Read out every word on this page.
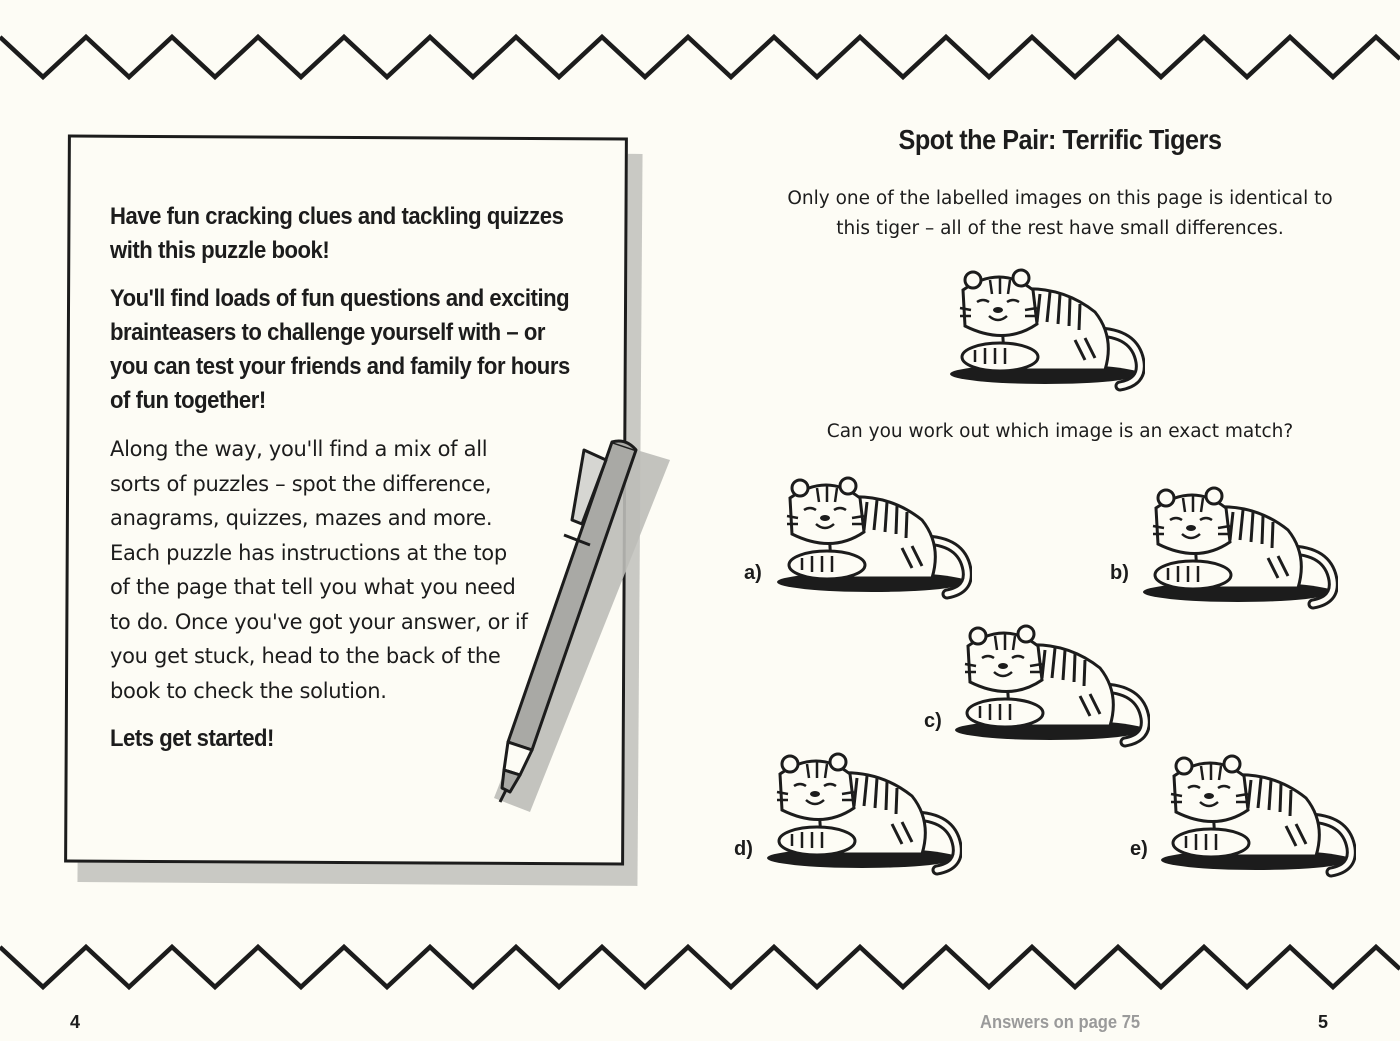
Have fun cracking clues and tackling quizzes with this puzzle book!

You'll find loads of fun questions and exciting brainteasers to challenge yourself with – or you can test your friends and family for hours of fun together!

Along the way, you'll find a mix of all sorts of puzzles – spot the difference, anagrams, quizzes, mazes and more. Each puzzle has instructions at the top of the page that tell you what you need to do. Once you've got your answer, or if you get stuck, head to the back of the book to check the solution.

Lets get started!

Spot the Pair: Terrific Tigers
Only one of the labelled images on this page is identical to this tiger – all of the rest have small differences.
Can you work out which image is an exact match?
a)	b)
c)
d)	e)
4	Answers on page 75	5
